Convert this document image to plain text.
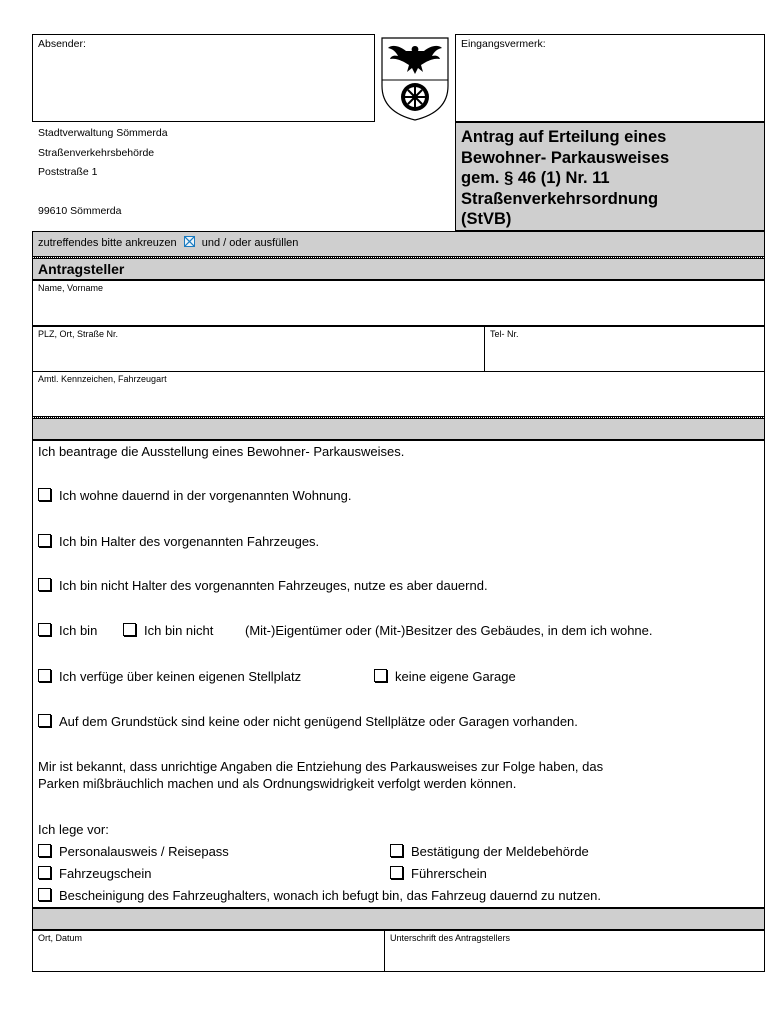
Absender:	Eingangsvermerk:
Stadtverwaltung Sömmerda
Straßenverkehrsbehörde
Poststraße 1
99610 Sömmerda
Antrag auf Erteilung eines
Bewohner- Parkausweises
gem. § 46 (1) Nr. 11
Straßenverkehrsordnung
(StVB)
zutreffendes bitte ankreuzen und / oder ausfüllen
Antragsteller
Name, Vorname
PLZ, Ort, Straße Nr.	Tel- Nr.
Amtl. Kennzeichen, Fahrzeugart
Ich beantrage die Ausstellung eines Bewohner- Parkausweises.
Ich wohne dauernd in der vorgenannten Wohnung.
Ich bin Halter des vorgenannten Fahrzeuges.
Ich bin nicht Halter des vorgenannten Fahrzeuges, nutze es aber dauernd.
Ich bin	Ich bin nicht (Mit-)Eigentümer oder (Mit-)Besitzer des Gebäudes, in dem ich wohne.
Ich verfüge über keinen eigenen Stellplatz	keine eigene Garage
Auf dem Grundstück sind keine oder nicht genügend Stellplätze oder Garagen vorhanden.
Mir ist bekannt, dass unrichtige Angaben die Entziehung des Parkausweises zur Folge haben, das
Parken mißbräuchlich machen und als Ordnungswidrigkeit verfolgt werden können.
Ich lege vor:
Personalausweis / Reisepass	Bestätigung der Meldebehörde
Fahrzeugschein	Führerschein
Bescheinigung des Fahrzeughalters, wonach ich befugt bin, das Fahrzeug dauernd zu nutzen.
Ort, Datum	Unterschrift des Antragstellers
